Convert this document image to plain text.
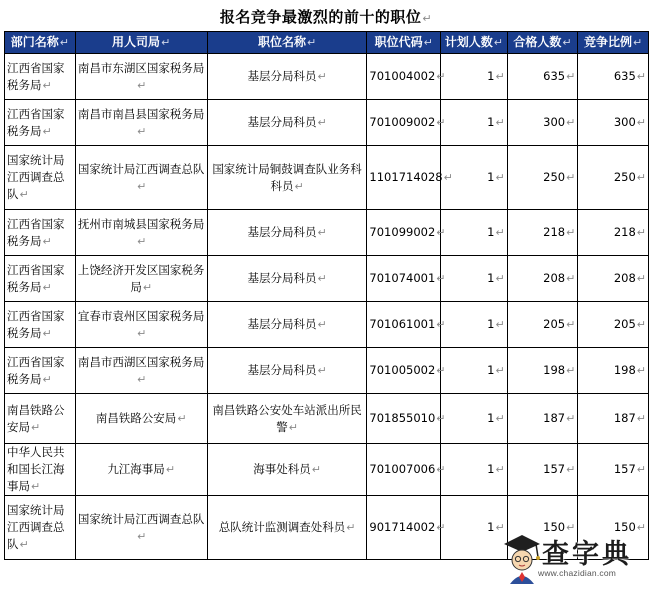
报名竞争最激烈的前十的职位↵
部门名称↵	用人司局↵	职位名称↵	职位代码↵	计划人数↵	合格人数↵	竞争比例↵
江西省国家税务局↵	南昌市东湖区国家税务局↵	基层分局科员↵	701004002↵	1↵	635↵	635↵
江西省国家税务局↵	南昌市南昌县国家税务局↵	基层分局科员↵	701009002↵	1↵	300↵	300↵
国家统计局江西调查总队↵	国家统计局江西调查总队↵	国家统计局铜鼓调查队业务科科员↵	1101714028↵	1↵	250↵	250↵
江西省国家税务局↵	抚州市南城县国家税务局↵	基层分局科员↵	701099002↵	1↵	218↵	218↵
江西省国家税务局↵	上饶经济开发区国家税务局↵	基层分局科员↵	701074001↵	1↵	208↵	208↵
江西省国家税务局↵	宜春市袁州区国家税务局↵	基层分局科员↵	701061001↵	1↵	205↵	205↵
江西省国家税务局↵	南昌市西湖区国家税务局↵	基层分局科员↵	701005002↵	1↵	198↵	198↵
南昌铁路公安局↵	南昌铁路公安局↵	南昌铁路公安处车站派出所民警↵	701855010↵	1↵	187↵	187↵
中华人民共和国长江海事局↵	九江海事局↵	海事处科员↵	701007006↵	1↵	157↵	157↵
国家统计局江西调查总队↵	国家统计局江西调查总队↵	总队统计监测调查处科员↵	901714002↵	1↵	150↵	150↵
查字典
www.chazidian.com
